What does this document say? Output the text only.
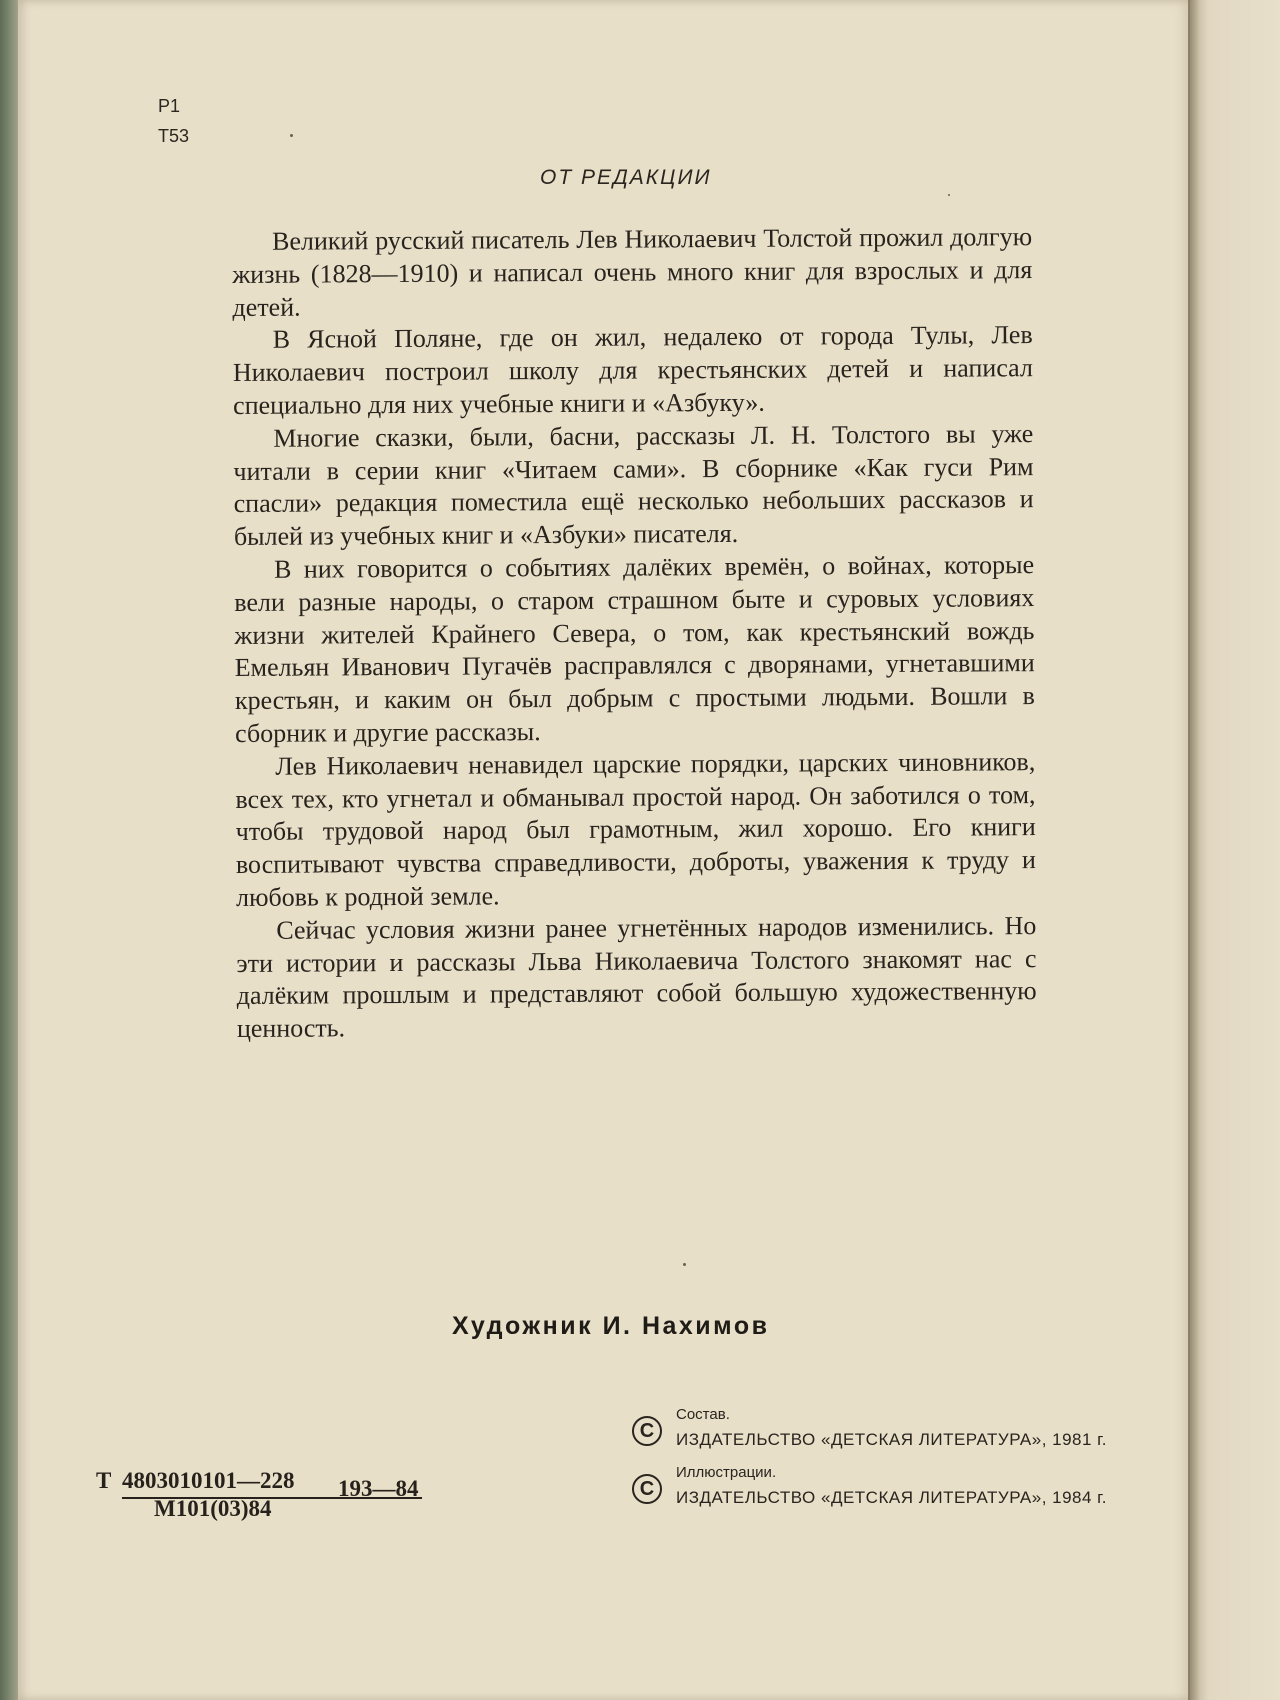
Р1
Т53
ОТ РЕДАКЦИИ

Великий русский писатель Лев Николаевич Толстой прожил долгую жизнь (1828—1910) и написал очень много книг для взрослых и для детей.

В Ясной Поляне, где он жил, недалеко от города Тулы, Лев Николаевич построил школу для крестьянских детей и написал специально для них учебные книги и «Азбуку».

Многие сказки, были, басни, рассказы Л. Н. Толстого вы уже читали в серии книг «Читаем сами». В сборнике «Как гуси Рим спасли» редакция поместила ещё несколько небольших рассказов и былей из учебных книг и «Азбуки» писателя.

В них говорится о событиях далёких времён, о войнах, которые вели разные народы, о старом страшном быте и суровых условиях жизни жителей Крайнего Севера, о том, как крестьянский вождь Емельян Иванович Пугачёв расправлялся с дворянами, угнетавшими крестьян, и каким он был добрым с простыми людьми. Вошли в сборник и другие рассказы.

Лев Николаевич ненавидел царские порядки, царских чиновников, всех тех, кто угнетал и обманывал простой народ. Он заботился о том, чтобы трудовой народ был грамотным, жил хорошо. Его книги воспитывают чувства справедливости, доброты, уважения к труду и любовь к родной земле.

Сейчас условия жизни ранее угнетённых народов изменились. Но эти истории и рассказы Льва Николаевича Толстого знакомят нас с далёким прошлым и представляют собой большую художественную ценность.

Художник И. Нахимов
Т 4803010101—228
М101(03)84
193—84
C
Состав.
ИЗДАТЕЛЬСТВО «ДЕТСКАЯ ЛИТЕРАТУРА», 1981 г.
C
Иллюстрации.
ИЗДАТЕЛЬСТВО «ДЕТСКАЯ ЛИТЕРАТУРА», 1984 г.
